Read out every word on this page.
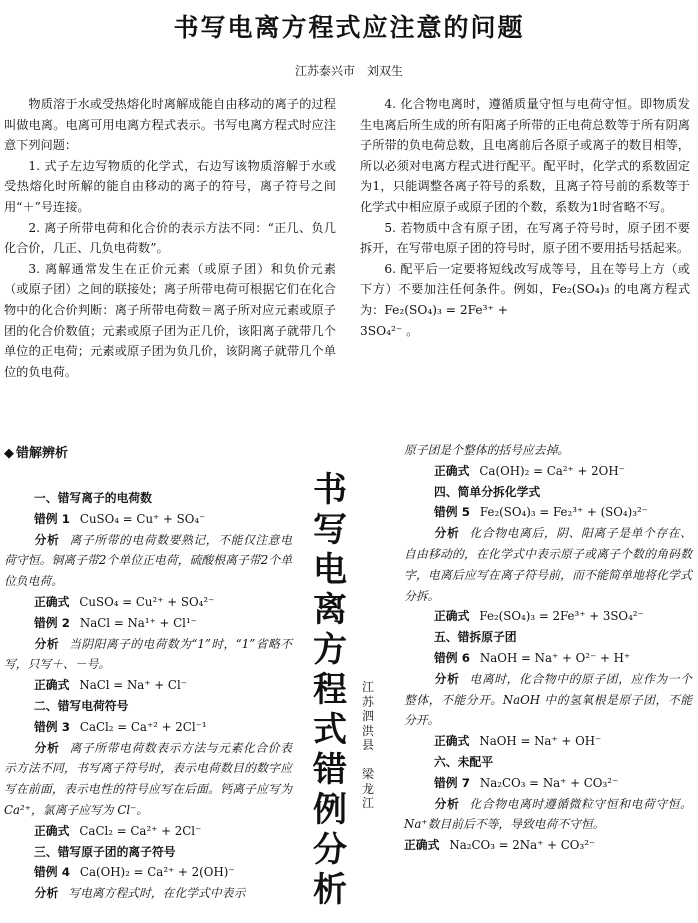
书写电离方程式应注意的问题
江苏泰兴市　刘双生

物质溶于水或受热熔化时离解成能自由移动的离子的过程叫做电离。电离可用电离方程式表示。书写电离方程式时应注意下列问题：

1. 式子左边写物质的化学式，右边写该物质溶解于水或受热熔化时所解的能自由移动的离子的符号，离子符号之间用“＋”号连接。

2. 离子所带电荷和化合价的表示方法不同：“正几、负几化合价，几正、几负电荷数”。

3. 离解通常发生在正价元素（或原子团）和负价元素（或原子团）之间的联接处；离子所带电荷可根据它们在化合物中的化合价判断：离子所带电荷数＝离子所对应元素或原子团的化合价数值；元素或原子团为正几价，该阳离子就带几个单位的正电荷；元素或原子团为负几价，该阴离子就带几个单位的负电荷。

4. 化合物电离时，遵循质量守恒与电荷守恒。即物质发生电离后所生成的所有阳离子所带的正电荷总数等于所有阴离子所带的负电荷总数，且电离前后各原子或离子的数目相等，所以必须对电离方程式进行配平。配平时，化学式的系数固定为1，只能调整各离子符号的系数，且离子符号前的系数等于化学式中相应原子或原子团的个数，系数为1时省略不写。

5. 若物质中含有原子团，在写离子符号时，原子团不要拆开，在写带电原子团的符号时，原子团不要用括号括起来。

6. 配平后一定要将短线改写成等号，且在等号上方（或下方）不要加注任何条件。例如，Fe₂(SO₄)₃ 的电离方程式为：Fe₂(SO₄)₃ = 2Fe³⁺ +

3SO₄²⁻ 。
◆ 错解辨析
书
写
电
离
方
程
式
错
例
分
析
江
苏
泗
洪
县

梁
龙
江
一、错写离子的电荷数
错例 1 CuSO₄ = Cu⁺ + SO₄⁻
分析 离子所带的电荷数要熟记，不能仅注意电荷守恒。铜离子带2个单位正电荷，硫酸根离子带2个单位负电荷。
正确式 CuSO₄ = Cu²⁺ + SO₄²⁻
错例 2 NaCl = Na¹⁺ + Cl¹⁻
分析 当阴阳离子的电荷数为“1”时，“1”省略不写，只写＋、－号。
正确式 NaCl = Na⁺ + Cl⁻
二、错写电荷符号
错例 3 CaCl₂ = Ca⁺² + 2Cl⁻¹
分析 离子所带电荷数表示方法与元素化合价表示方法不同，书写离子符号时，表示电荷数目的数字应写在前面，表示电性的符号应写在后面。钙离子应写为 Ca²⁺，氯离子应写为 Cl⁻。
正确式 CaCl₂ = Ca²⁺ + 2Cl⁻
三、错写原子团的离子符号
错例 4 Ca(OH)₂ = Ca²⁺ + 2(OH)⁻
分析 写电离方程式时，在化学式中表示
原子团是个整体的括号应去掉。
正确式 Ca(OH)₂ = Ca²⁺ + 2OH⁻
四、简单分拆化学式
错例 5 Fe₂(SO₄)₃ = Fe₂³⁺ + (SO₄)₃²⁻
分析 化合物电离后，阴、阳离子是单个存在、自由移动的，在化学式中表示原子或离子个数的角码数字，电离后应写在离子符号前，而不能简单地将化学式分拆。
正确式 Fe₂(SO₄)₃ = 2Fe³⁺ + 3SO₄²⁻
五、错拆原子团
错例 6 NaOH = Na⁺ + O²⁻ + H⁺
分析 电离时，化合物中的原子团，应作为一个整体，不能分开。NaOH 中的氢氧根是原子团，不能分开。
正确式 NaOH = Na⁺ + OH⁻
六、未配平
错例 7 Na₂CO₃ = Na⁺ + CO₃²⁻
分析 化合物电离时遵循微粒守恒和电荷守恒。Na⁺数目前后不等，导致电荷不守恒。
正确式 Na₂CO₃ = 2Na⁺ + CO₃²⁻
